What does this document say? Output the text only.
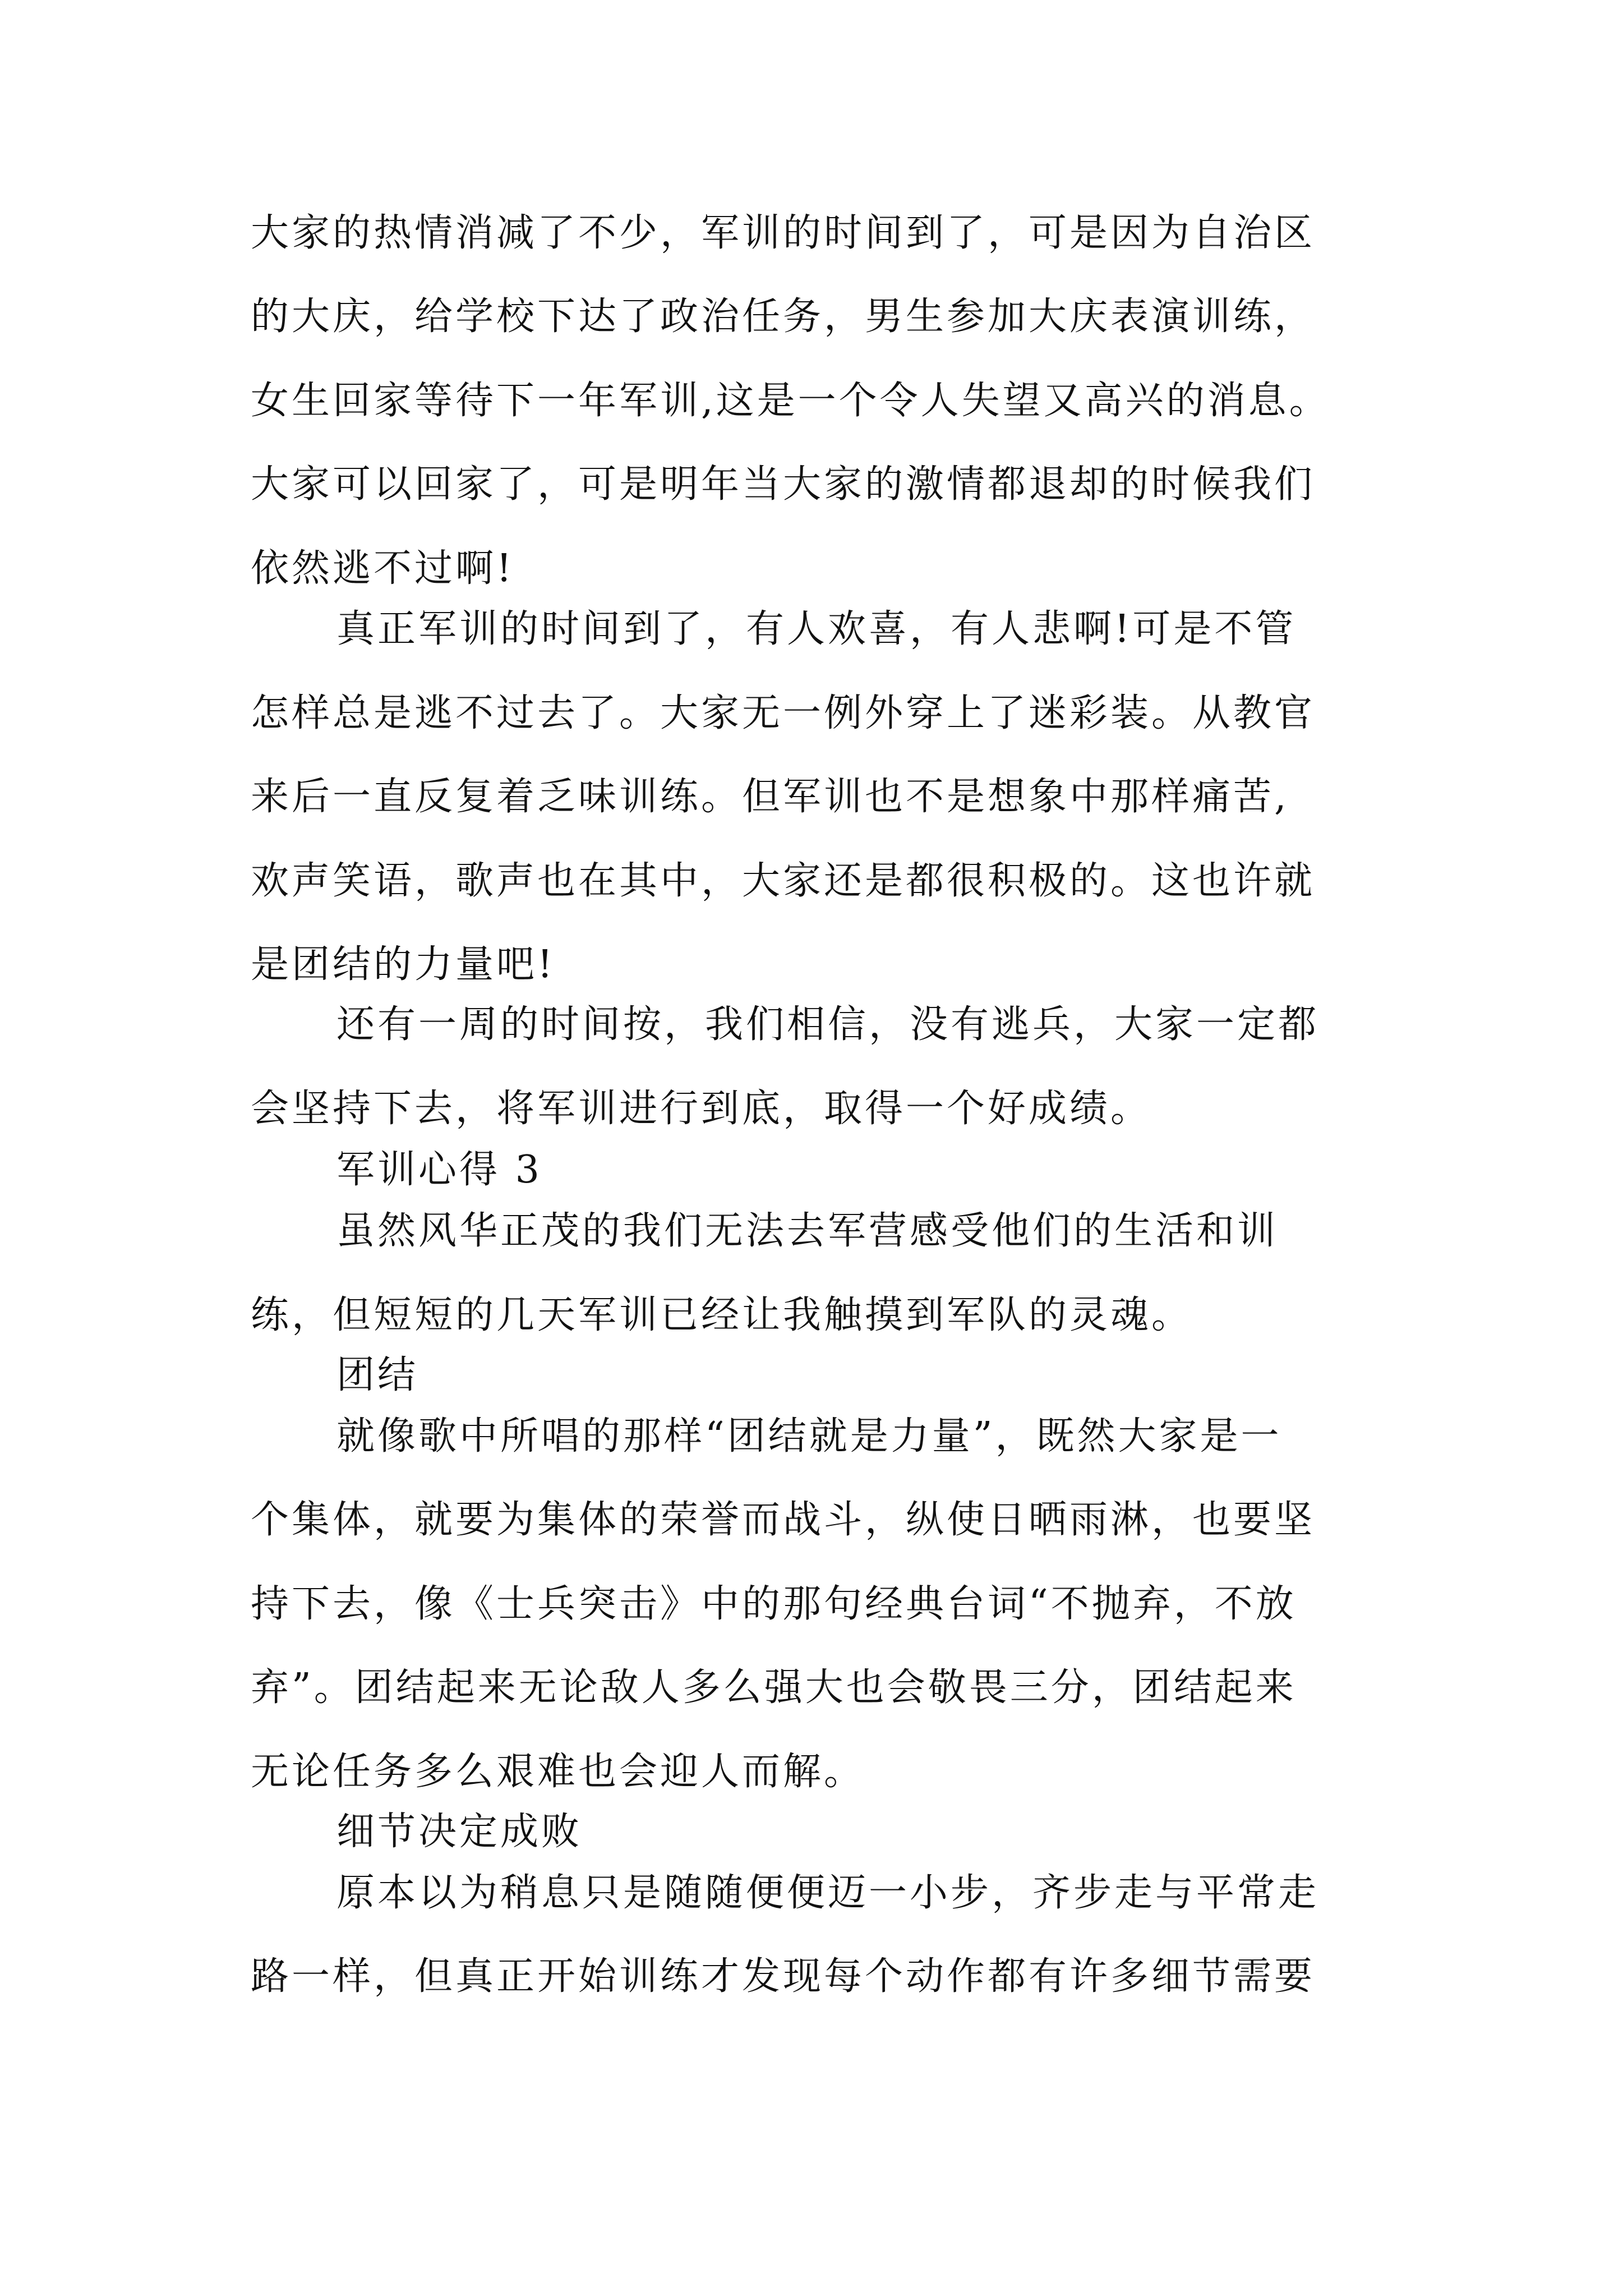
大家的热情消减了不少，军训的时间到了，可是因为自治区
的大庆，给学校下达了政治任务，男生参加大庆表演训练，
女生回家等待下一年军训,这是一个令人失望又高兴的消息。
大家可以回家了，可是明年当大家的激情都退却的时候我们
依然逃不过啊!
真正军训的时间到了，有人欢喜，有人悲啊!可是不管
怎样总是逃不过去了。大家无一例外穿上了迷彩装。从教官
来后一直反复着乏味训练。但军训也不是想象中那样痛苦,
欢声笑语，歌声也在其中，大家还是都很积极的。这也许就
是团结的力量吧!
还有一周的时间按，我们相信，没有逃兵，大家一定都
会坚持下去，将军训进行到底，取得一个好成绩。
军训心得 3
虽然风华正茂的我们无法去军营感受他们的生活和训
练，但短短的几天军训已经让我触摸到军队的灵魂。
团结
就像歌中所唱的那样“团结就是力量”，既然大家是一
个集体，就要为集体的荣誉而战斗，纵使日晒雨淋，也要坚
持下去，像《士兵突击》中的那句经典台词“不抛弃，不放
弃”。团结起来无论敌人多么强大也会敬畏三分，团结起来
无论任务多么艰难也会迎人而解。
细节决定成败
原本以为稍息只是随随便便迈一小步，齐步走与平常走
路一样，但真正开始训练才发现每个动作都有许多细节需要
